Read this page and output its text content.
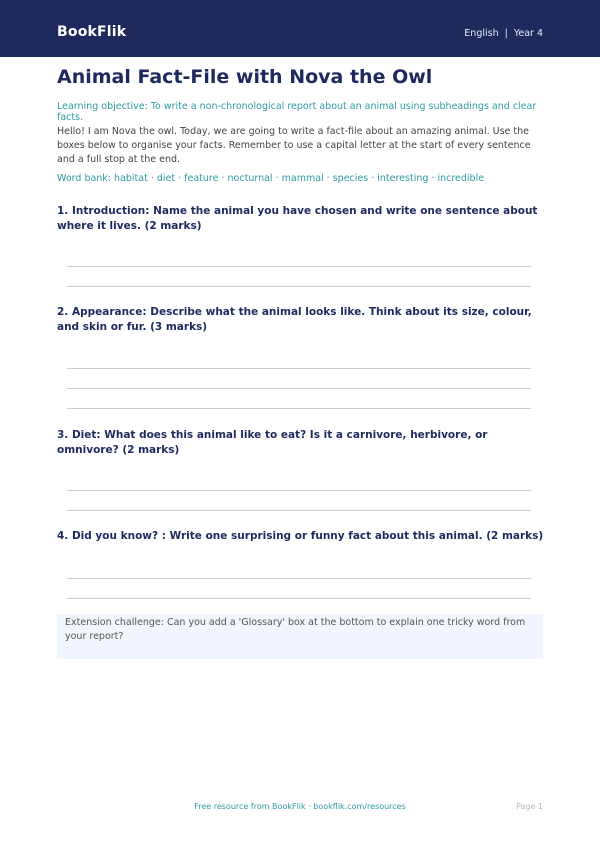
BookFlik	English | Year 4
Animal Fact-File with Nova the Owl
Learning objective: To write a non-chronological report about an animal using subheadings and clear facts.
Hello! I am Nova the owl. Today, we are going to write a fact-file about an amazing animal. Use the boxes below to organise your facts. Remember to use a capital letter at the start of every sentence and a full stop at the end.
Word bank: habitat · diet · feature · nocturnal · mammal · species · interesting · incredible
1. Introduction: Name the animal you have chosen and write one sentence about where it lives. (2 marks)
2. Appearance: Describe what the animal looks like. Think about its size, colour, and skin or fur. (3 marks)
3. Diet: What does this animal like to eat? Is it a carnivore, herbivore, or omnivore? (2 marks)
4. Did you know? : Write one surprising or funny fact about this animal. (2 marks)
Extension challenge: Can you add a 'Glossary' box at the bottom to explain one tricky word from your report?
Free resource from BookFlik · bookflik.com/resources	Page 1
